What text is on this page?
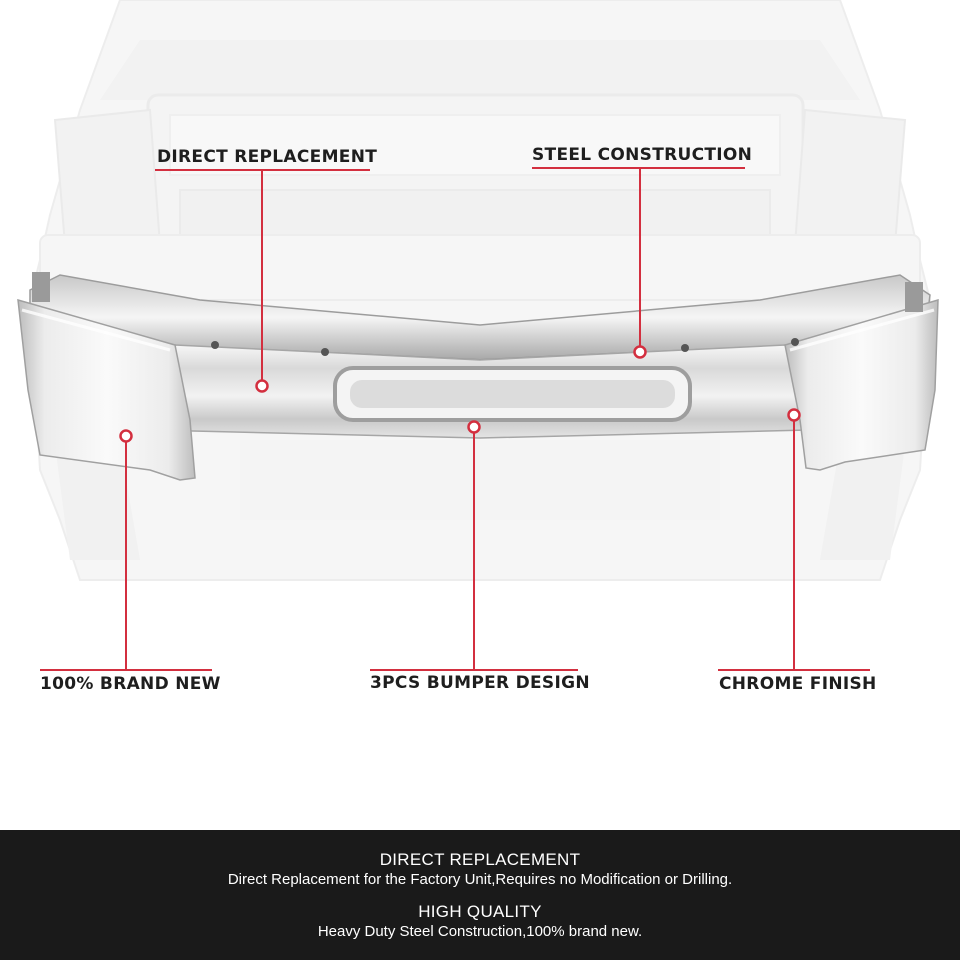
DIRECT REPLACEMENT	STEEL CONSTRUCTION
100% BRAND NEW	3PCS BUMPER DESIGN	CHROME FINISH
DIRECT REPLACEMENT
Direct Replacement for the Factory Unit,Requires no Modification or Drilling.
HIGH QUALITY
Heavy Duty Steel Construction,100% brand new.
